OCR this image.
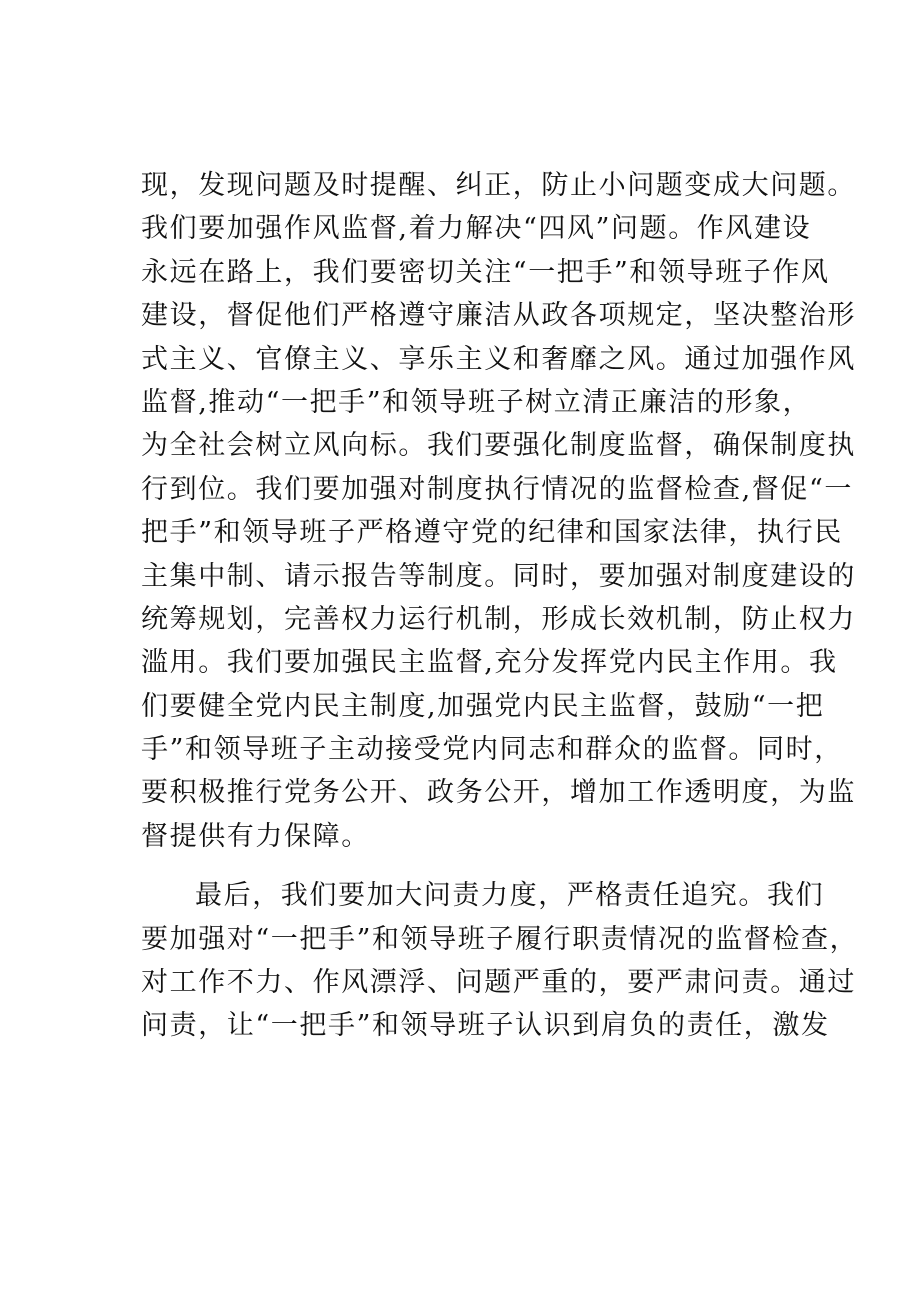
现，发现问题及时提醒、纠正，防止小问题变成大问题。
我们要加强作风监督,着力解决“四风”问题。作风建设
永远在路上，我们要密切关注“一把手”和领导班子作风
建设，督促他们严格遵守廉洁从政各项规定，坚决整治形
式主义、官僚主义、享乐主义和奢靡之风。通过加强作风
监督,推动“一把手”和领导班子树立清正廉洁的形象，
为全社会树立风向标。我们要强化制度监督，确保制度执
行到位。我们要加强对制度执行情况的监督检查,督促“一
把手”和领导班子严格遵守党的纪律和国家法律，执行民
主集中制、请示报告等制度。同时，要加强对制度建设的
统筹规划，完善权力运行机制，形成长效机制，防止权力
滥用。我们要加强民主监督,充分发挥党内民主作用。我
们要健全党内民主制度,加强党内民主监督，鼓励“一把
手”和领导班子主动接受党内同志和群众的监督。同时，
要积极推行党务公开、政务公开，增加工作透明度，为监
督提供有力保障。
最后，我们要加大问责力度，严格责任追究。我们
要加强对“一把手”和领导班子履行职责情况的监督检查，
对工作不力、作风漂浮、问题严重的，要严肃问责。通过
问责，让“一把手”和领导班子认识到肩负的责任，激发
